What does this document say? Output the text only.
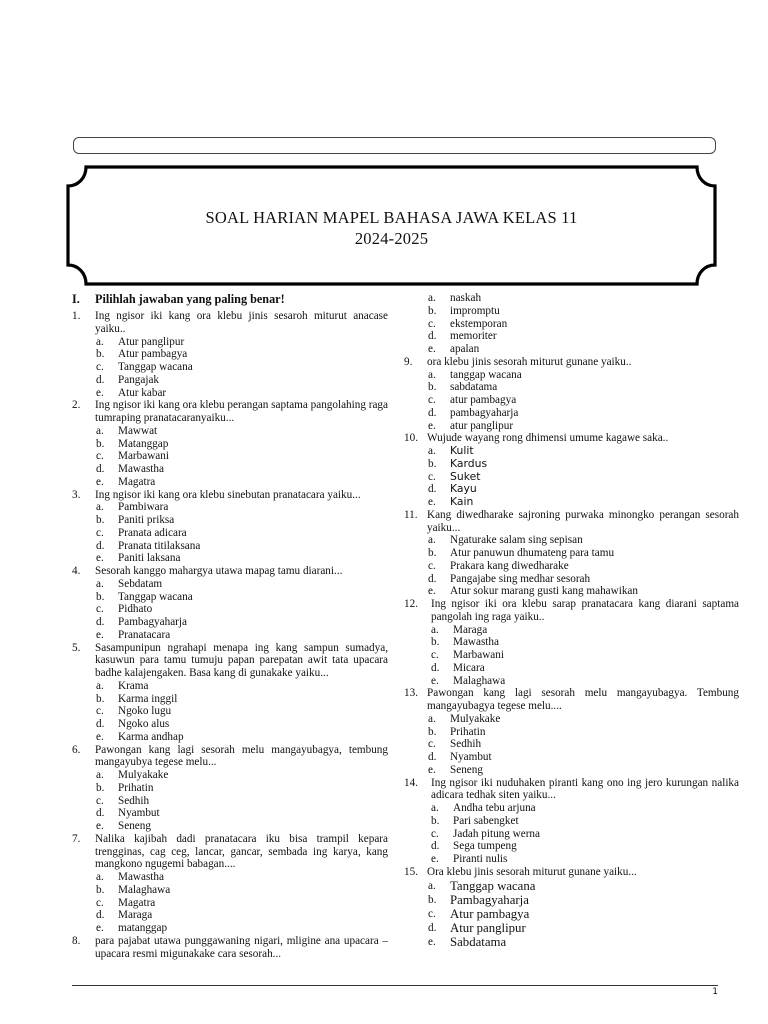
SOAL HARIAN MAPEL BAHASA JAWA KELAS 11
2024-2025
I.	Pilihlah jawaban yang paling benar!
1.	Ing ngisor iki kang ora klebu jinis sesaroh miturut anacase yaiku..
a.	Atur panglipur
b.	Atur pambagya
c.	Tanggap wacana
d.	Pangajak
e.	Atur kabar
2.	Ing ngisor iki kang ora klebu perangan saptama pangolahing raga tumraping pranatacaranyaiku...
a.	Mawwat
b.	Matanggap
c.	Marbawani
d.	Mawastha
e.	Magatra
3.	Ing ngisor iki kang ora klebu sinebutan pranatacara yaiku...
a.	Pambiwara
b.	Paniti priksa
c.	Pranata adicara
d.	Pranata titilaksana
e.	Paniti laksana
4.	Sesorah kanggo mahargya utawa mapag tamu diarani...
a.	Sebdatam
b.	Tanggap wacana
c.	Pidhato
d.	Pambagyaharja
e.	Pranatacara
5.	Sasampunipun ngrahapi menapa ing kang sampun sumadya, kasuwun para tamu tumuju papan parepatan awit tata upacara badhe kalajengaken. Basa kang di gunakake yaiku...
a.	Krama
b.	Karma inggil
c.	Ngoko lugu
d.	Ngoko alus
e.	Karma andhap
6.	Pawongan kang lagi sesorah melu mangayubagya, tembung mangayubya tegese melu...
a.	Mulyakake
b.	Prihatin
c.	Sedhih
d.	Nyambut
e.	Seneng
7.	Nalika kajibah dadi pranatacara iku bisa trampil kepara trengginas, cag ceg, lancar, gancar, sembada ing karya, kang mangkono ngugemi babagan....
a.	Mawastha
b.	Malaghawa
c.	Magatra
d.	Maraga
e.	matanggap
8.	para pajabat utawa punggawaning nigari, mligine ana upacara – upacara resmi migunakake cara sesorah...
a.	naskah
b.	impromptu
c.	ekstemporan
d.	memoriter
e.	apalan
9.	ora klebu jinis sesorah miturut gunane yaiku..
a.	tanggap wacana
b.	sabdatama
c.	atur pambagya
d.	pambagyaharja
e.	atur panglipur
10. Wujude wayang rong dhimensi umume kagawe saka..
a.	Kulit
b.	Kardus
c.	Suket
d.	Kayu
e.	Kain
11. Kang diwedharake sajroning purwaka minongko perangan sesorah yaiku...
a.	Ngaturake salam sing sepisan
b.	Atur panuwun dhumateng para tamu
c.	Prakara kang diwedharake
d.	Pangajabe sing medhar sesorah
e.	Atur sokur marang gusti kang mahawikan
12.	Ing ngisor iki ora klebu sarap pranatacara kang diarani saptama pangolah ing raga yaiku..
a.	Maraga
b.	Mawastha
c.	Marbawani
d.	Micara
e.	Malaghawa
13. Pawongan kang lagi sesorah melu mangayubagya. Tembung mangayubagya tegese melu....
a.	Mulyakake
b.	Prihatin
c.	Sedhih
d.	Nyambut
e.	Seneng
14.	Ing ngisor iki nuduhaken piranti kang ono ing jero kurungan nalika adicara tedhak siten yaiku...
a.	Andha tebu arjuna
b.	Pari sabengket
c.	Jadah pitung werna
d.	Sega tumpeng
e.	Piranti nulis
15. Ora klebu jinis sesorah miturut gunane yaiku...
a.	Tanggap wacana
b.	Pambagyaharja
c.	Atur pambagya
d.	Atur panglipur
e.	Sabdatama
1
